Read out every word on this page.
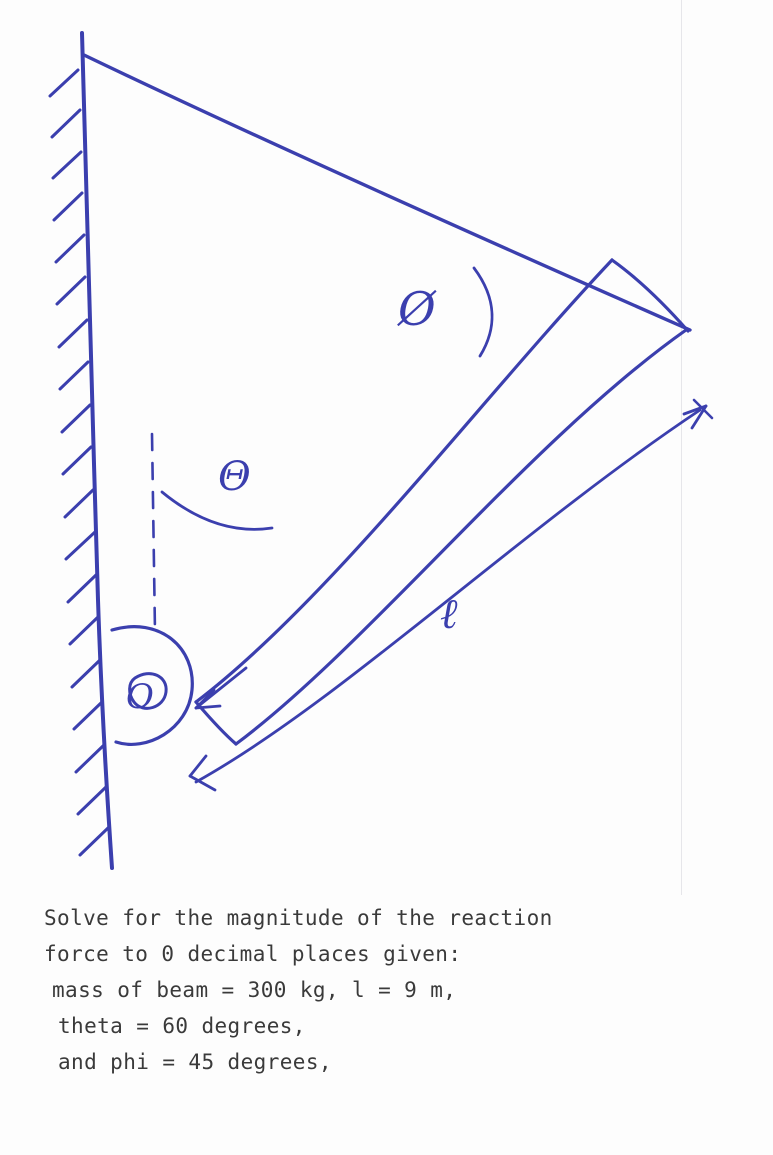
Ø
Θ
ℓ
O
Solve for the magnitude of the reaction
force to 0 decimal places given:
mass of beam = 300 kg, l = 9 m,
theta = 60 degrees,
and phi = 45 degrees,
